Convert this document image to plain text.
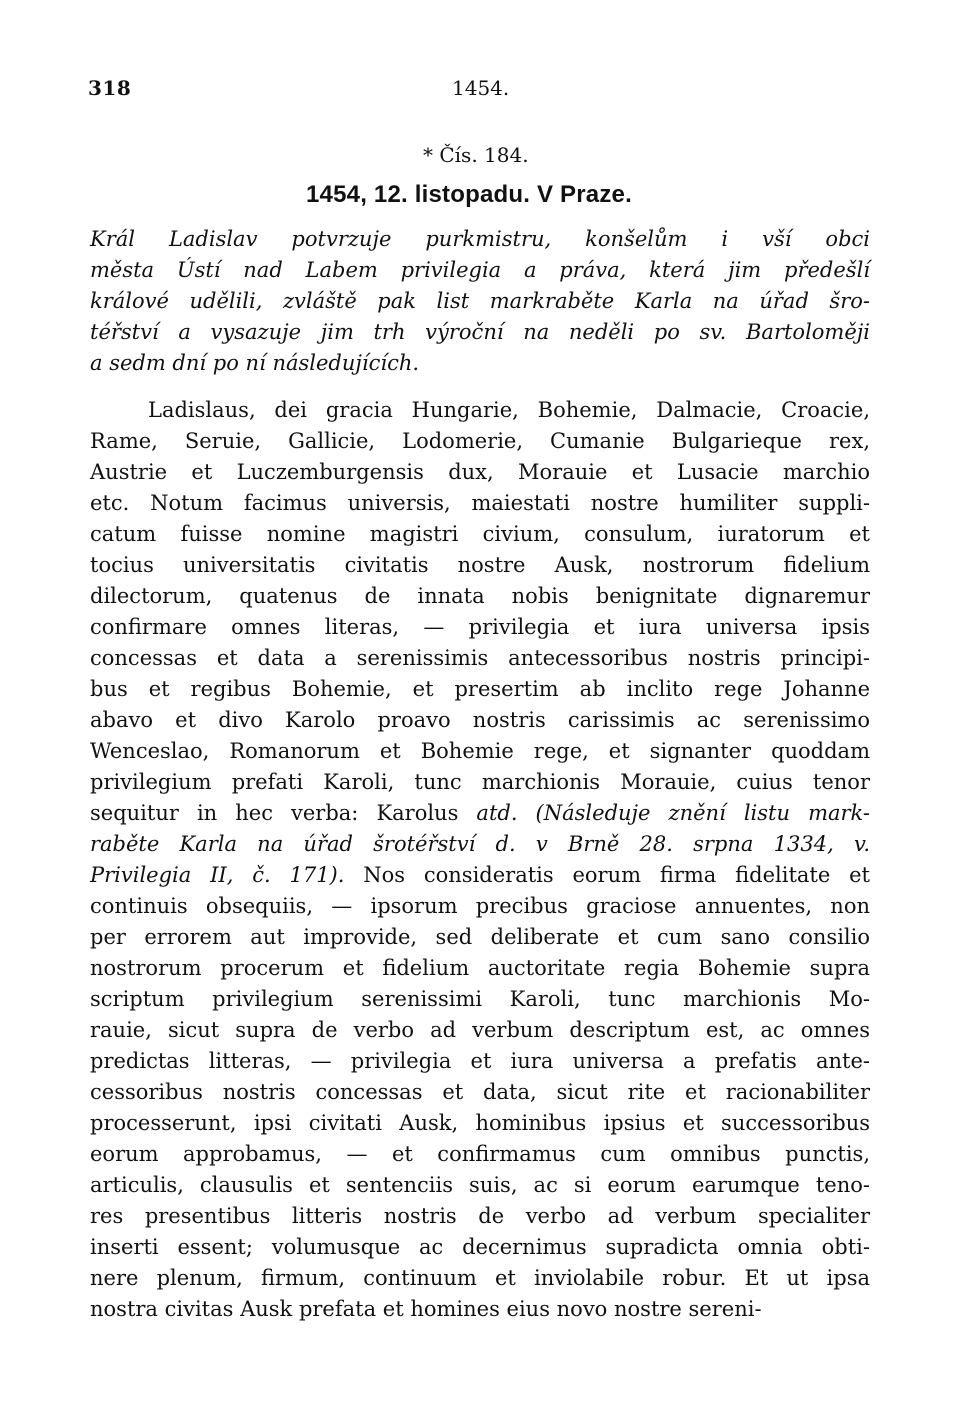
318	1454.
* Čís. 184.
1454, 12. listopadu. V Praze.
Král Ladislav potvrzuje purkmistru, konšelům i vší obci
města Ústí nad Labem privilegia a práva, která jim předešlí
králové udělili, zvláště pak list markraběte Karla na úřad šro-
téřství a vysazuje jim trh výroční na neděli po sv. Bartoloměji
a sedm dní po ní následujících.
Ladislaus, dei gracia Hungarie, Bohemie, Dalmacie, Croacie,
Rame, Seruie, Gallicie, Lodomerie, Cumanie Bulgarieque rex,
Austrie et Luczemburgensis dux, Morauie et Lusacie marchio
etc. Notum facimus universis, maiestati nostre humiliter suppli-
catum fuisse nomine magistri civium, consulum, iuratorum et
tocius universitatis civitatis nostre Ausk, nostrorum fidelium
dilectorum, quatenus de innata nobis benignitate dignaremur
confirmare omnes literas, — privilegia et iura universa ipsis
concessas et data a serenissimis antecessoribus nostris principi-
bus et regibus Bohemie, et presertim ab inclito rege Johanne
abavo et divo Karolo proavo nostris carissimis ac serenissimo
Wenceslao, Romanorum et Bohemie rege, et signanter quoddam
privilegium prefati Karoli, tunc marchionis Morauie, cuius tenor
sequitur in hec verba: Karolus atd. (Následuje znění listu mark-
raběte Karla na úřad šrotéřství d. v Brně 28. srpna 1334, v.
Privilegia II, č. 171). Nos consideratis eorum firma fidelitate et
continuis obsequiis, — ipsorum precibus graciose annuentes, non
per errorem aut improvide, sed deliberate et cum sano consilio
nostrorum procerum et fidelium auctoritate regia Bohemie supra
scriptum privilegium serenissimi Karoli, tunc marchionis Mo-
rauie, sicut supra de verbo ad verbum descriptum est, ac omnes
predictas litteras, — privilegia et iura universa a prefatis ante-
cessoribus nostris concessas et data, sicut rite et racionabiliter
processerunt, ipsi civitati Ausk, hominibus ipsius et successoribus
eorum approbamus, — et confirmamus cum omnibus punctis,
articulis, clausulis et sentenciis suis, ac si eorum earumque teno-
res presentibus litteris nostris de verbo ad verbum specialiter
inserti essent; volumusque ac decernimus supradicta omnia obti-
nere plenum, firmum, continuum et inviolabile robur. Et ut ipsa
nostra civitas Ausk prefata et homines eius novo nostre sereni-
